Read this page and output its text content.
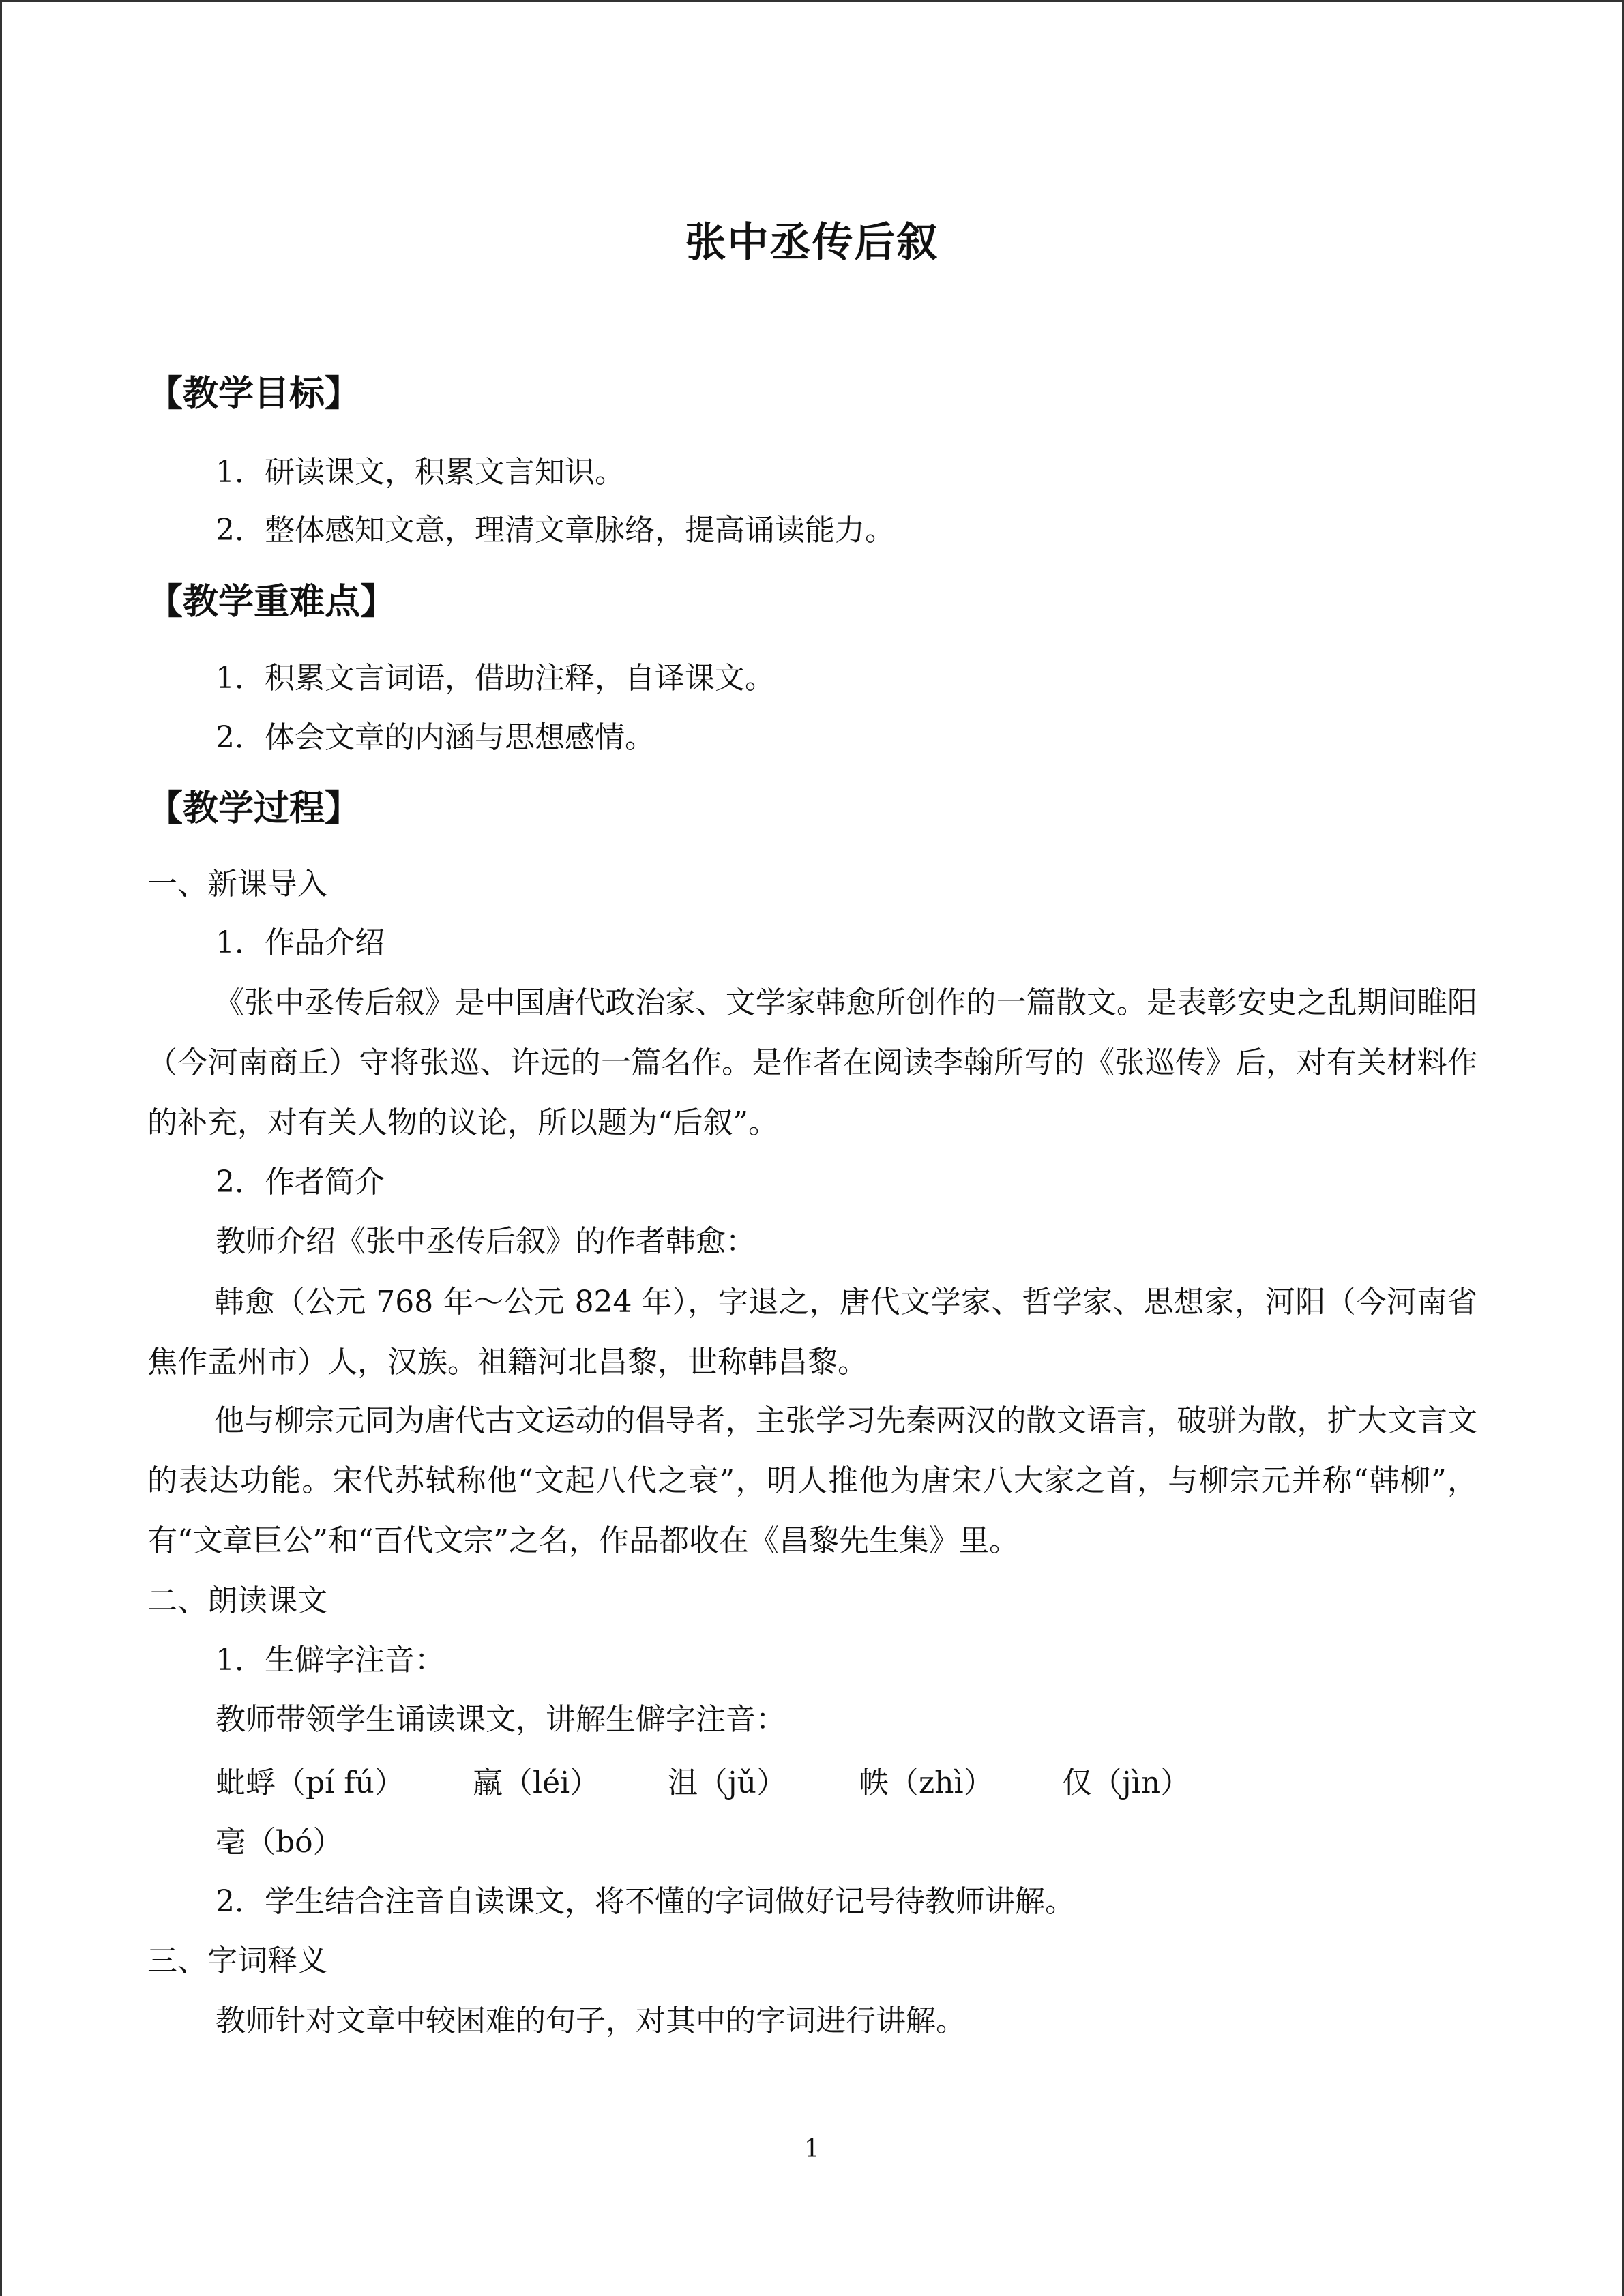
张中丞传后叙
【教学目标】
1．研读课文，积累文言知识。
2．整体感知文意，理清文章脉络，提高诵读能力。
【教学重难点】
1．积累文言词语，借助注释，自译课文。
2．体会文章的内涵与思想感情。
【教学过程】
一、新课导入
1．作品介绍
《张中丞传后叙》是中国唐代政治家、文学家韩愈所创作的一篇散文。是表彰安史之乱期间睢阳（今河南商丘）守将张巡、许远的一篇名作。是作者在阅读李翰所写的《张巡传》后，对有关材料作的补充，对有关人物的议论，所以题为“后叙”。
2．作者简介
教师介绍《张中丞传后叙》的作者韩愈：
韩愈（公元 768 年～公元 824 年），字退之，唐代文学家、哲学家、思想家，河阳（今河南省焦作孟州市）人，汉族。祖籍河北昌黎，世称韩昌黎。
他与柳宗元同为唐代古文运动的倡导者，主张学习先秦两汉的散文语言，破骈为散，扩大文言文的表达功能。宋代苏轼称他“文起八代之衰”，明人推他为唐宋八大家之首，与柳宗元并称“韩柳”，有“文章巨公”和“百代文宗”之名，作品都收在《昌黎先生集》里。
二、朗读课文
1．生僻字注音：
教师带领学生诵读课文，讲解生僻字注音：
蚍蜉（pí fú） 羸（léi） 沮（jǔ） 帙（zhì） 仅（jìn）
亳（bó）
2．学生结合注音自读课文，将不懂的字词做好记号待教师讲解。
三、字词释义
教师针对文章中较困难的句子，对其中的字词进行讲解。
1
